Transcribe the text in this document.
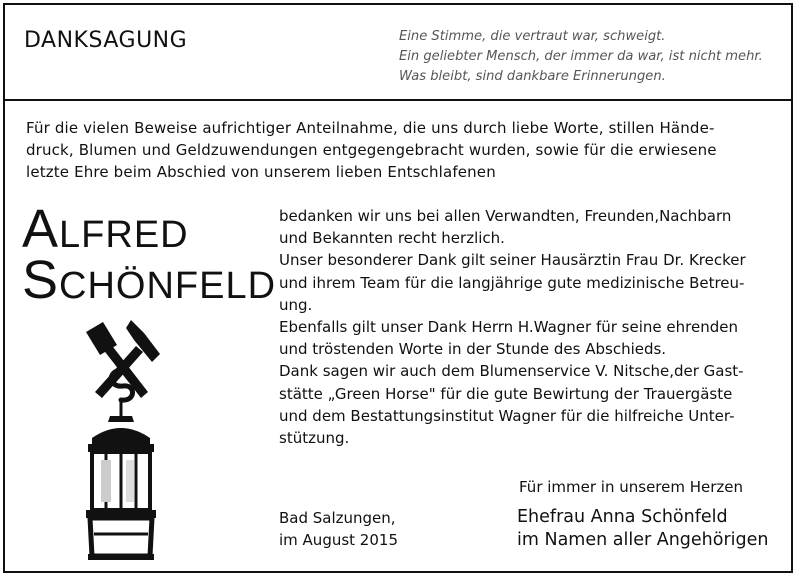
DANKSAGUNG	Eine Stimme, die vertraut war, schweigt.
Ein geliebter Mensch, der immer da war, ist nicht mehr.
Was bleibt, sind dankbare Erinnerungen.
Für die vielen Beweise aufrichtiger Anteilnahme, die uns durch liebe Worte, stillen Hände-
druck, Blumen und Geldzuwendungen entgegengebracht wurden, sowie für die erwiesene
letzte Ehre beim Abschied von unserem lieben Entschlafenen
ALFRED
SCHÖNFELD
bedanken wir uns bei allen Verwandten, Freunden,Nachbarn
und Bekannten recht herzlich.
Unser besonderer Dank gilt seiner Hausärztin Frau Dr. Krecker
und ihrem Team für die langjährige gute medizinische Betreu-
ung.
Ebenfalls gilt unser Dank Herrn H.Wagner für seine ehrenden
und tröstenden Worte in der Stunde des Abschieds.
Dank sagen wir auch dem Blumenservice V. Nitsche,der Gast-
stätte „Green Horse" für die gute Bewirtung der Trauergäste
und dem Bestattungsinstitut Wagner für die hilfreiche Unter-
stützung.
Bad Salzungen,
im August 2015
Für immer in unserem Herzen
Ehefrau Anna Schönfeld
im Namen aller Angehörigen
